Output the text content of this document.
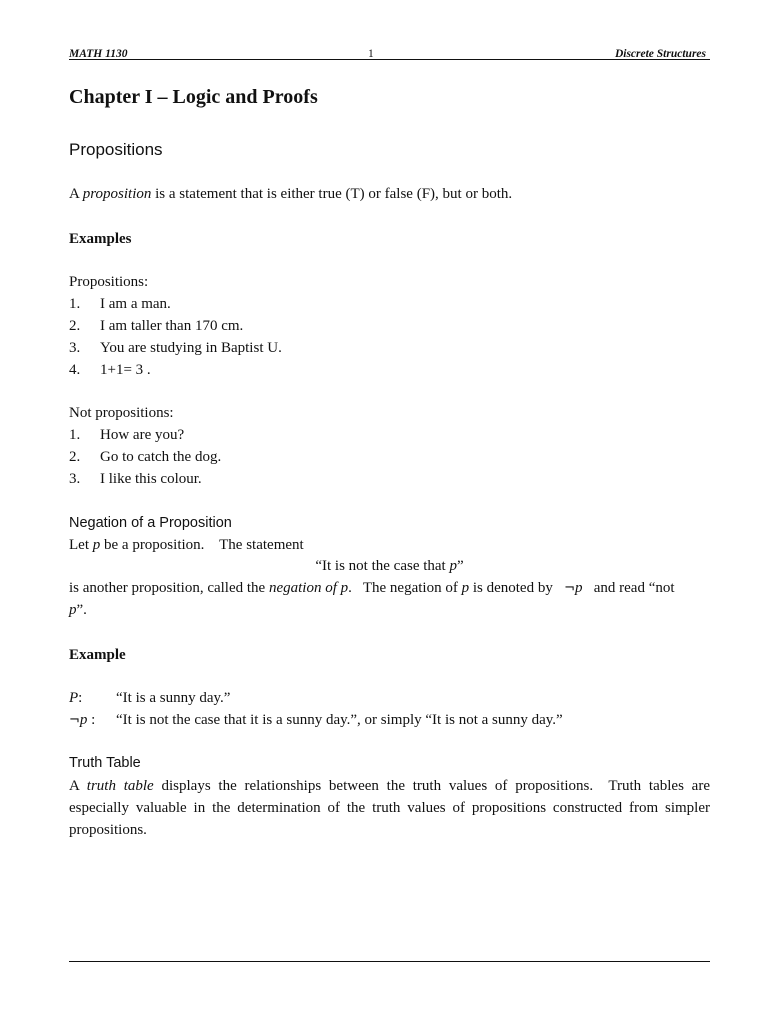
MATH 1130	1	Discrete Structures
Chapter I – Logic and Proofs
Propositions

A proposition is a statement that is either true (T) or false (F), but or both.

Examples

Propositions:

1. I am a man.
2. I am taller than 170 cm.
3. You are studying in Baptist U.
4. 1+1= 3 .

Not propositions:

1. How are you?
2. Go to catch the dog.
3. I like this colour.
Negation of a Proposition

Let p be a proposition.    The statement

“It is not the case that p”

is another proposition, called the negation of p.   The negation of p is denoted by   ¬p   and read “not

p”.

Example

P: “It is a sunny day.”
¬p : “It is not the case that it is a sunny day.”, or simply “It is not a sunny day.”
Truth Table

A truth table displays the relationships between the truth values of propositions.  Truth tables are especially valuable in the determination of the truth values of propositions constructed from simpler propositions.
